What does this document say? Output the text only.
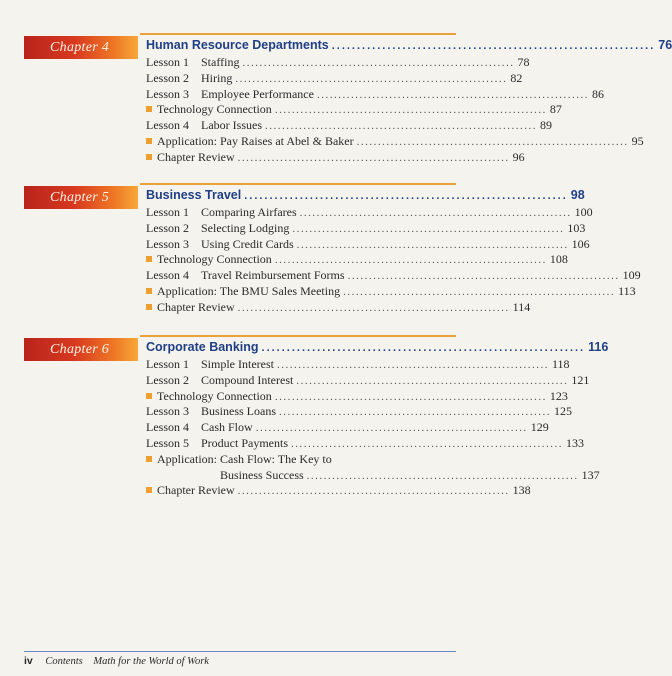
Chapter 4	Human Resource Departments ................................................................ 76
Lesson 1 Staffing ................................................................ 78
Lesson 2 Hiring ................................................................ 82
Lesson 3 Employee Performance ................................................................ 86
Technology Connection ................................................................ 87
Lesson 4 Labor Issues ................................................................ 89
Application: Pay Raises at Abel & Baker ................................................................ 95
Chapter Review ................................................................ 96
Chapter 5	Business Travel ................................................................ 98
Lesson 1 Comparing Airfares ................................................................ 100
Lesson 2 Selecting Lodging ................................................................ 103
Lesson 3 Using Credit Cards ................................................................ 106
Technology Connection ................................................................ 108
Lesson 4 Travel Reimbursement Forms ................................................................ 109
Application: The BMU Sales Meeting ................................................................ 113
Chapter Review ................................................................ 114
Chapter 6	Corporate Banking ................................................................ 116
Lesson 1 Simple Interest ................................................................ 118
Lesson 2 Compound Interest ................................................................ 121
Technology Connection ................................................................ 123
Lesson 3 Business Loans ................................................................ 125
Lesson 4 Cash Flow ................................................................ 129
Lesson 5 Product Payments ................................................................ 133
Application: Cash Flow: The Key to
Business Success ................................................................ 137
Chapter Review ................................................................ 138
iv Contents Math for the World of Work
